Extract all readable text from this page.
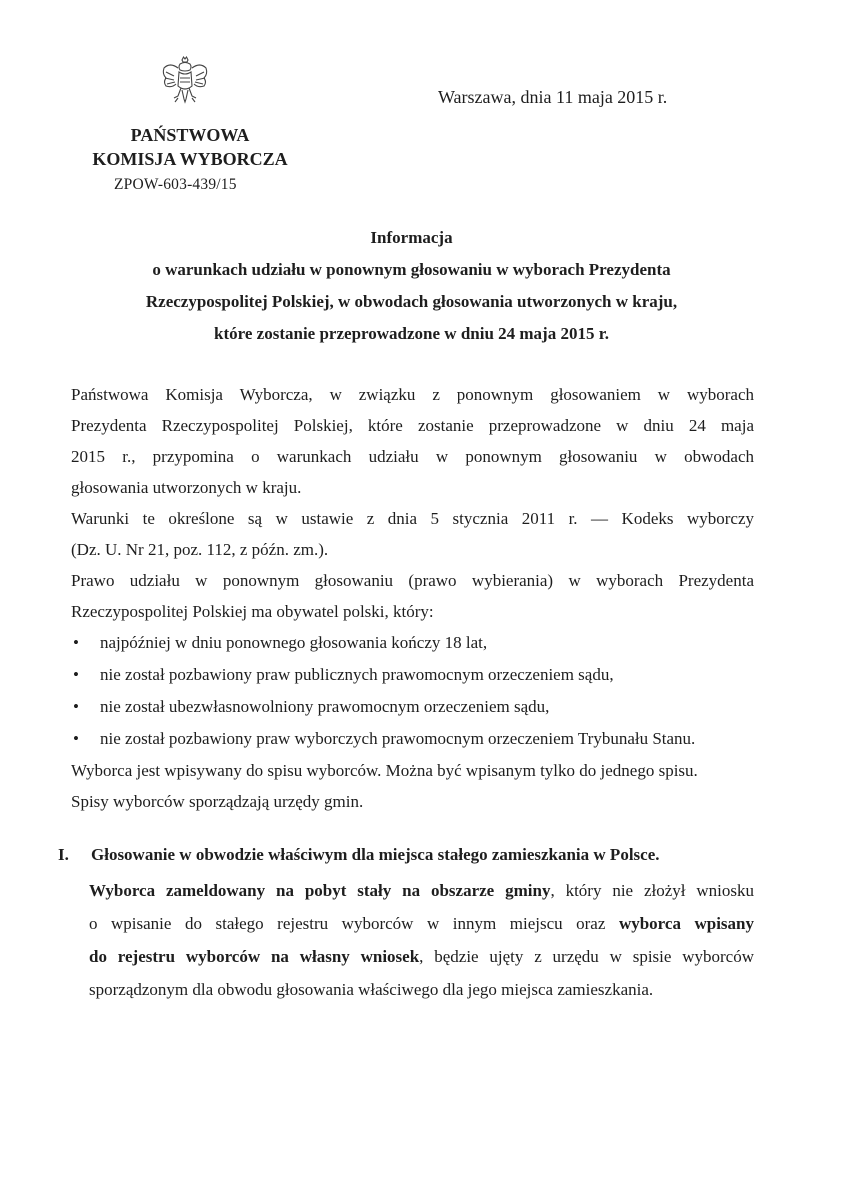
Warszawa, dnia 11 maja 2015 r.
PAŃSTWOWA
KOMISJA WYBORCZA
ZPOW-603-439/15
Informacja
o warunkach udziału w ponownym głosowaniu w wyborach Prezydenta
Rzeczypospolitej Polskiej, w obwodach głosowania utworzonych w kraju,
które zostanie przeprowadzone w dniu 24 maja 2015 r.
Państwowa Komisja Wyborcza, w związku z ponownym głosowaniem w wyborach
Prezydenta Rzeczypospolitej Polskiej, które zostanie przeprowadzone w dniu 24 maja
2015 r., przypomina o warunkach udziału w ponownym głosowaniu w obwodach
głosowania utworzonych w kraju.
Warunki te określone są w ustawie z dnia 5 stycznia 2011 r. — Kodeks wyborczy
(Dz. U. Nr 21, poz. 112, z późn. zm.).
Prawo udziału w ponownym głosowaniu (prawo wybierania) w wyborach Prezydenta
Rzeczypospolitej Polskiej ma obywatel polski, który:
• najpóźniej w dniu ponownego głosowania kończy 18 lat,
• nie został pozbawiony praw publicznych prawomocnym orzeczeniem sądu,
• nie został ubezwłasnowolniony prawomocnym orzeczeniem sądu,
• nie został pozbawiony praw wyborczych prawomocnym orzeczeniem Trybunału Stanu.
Wyborca jest wpisywany do spisu wyborców. Można być wpisanym tylko do jednego spisu.
Spisy wyborców sporządzają urzędy gmin.
I. Głosowanie w obwodzie właściwym dla miejsca stałego zamieszkania w Polsce.
Wyborca zameldowany na pobyt stały na obszarze gminy, który nie złożył wniosku
o wpisanie do stałego rejestru wyborców w innym miejscu oraz wyborca wpisany
do rejestru wyborców na własny wniosek, będzie ujęty z urzędu w spisie wyborców
sporządzonym dla obwodu głosowania właściwego dla jego miejsca zamieszkania.
